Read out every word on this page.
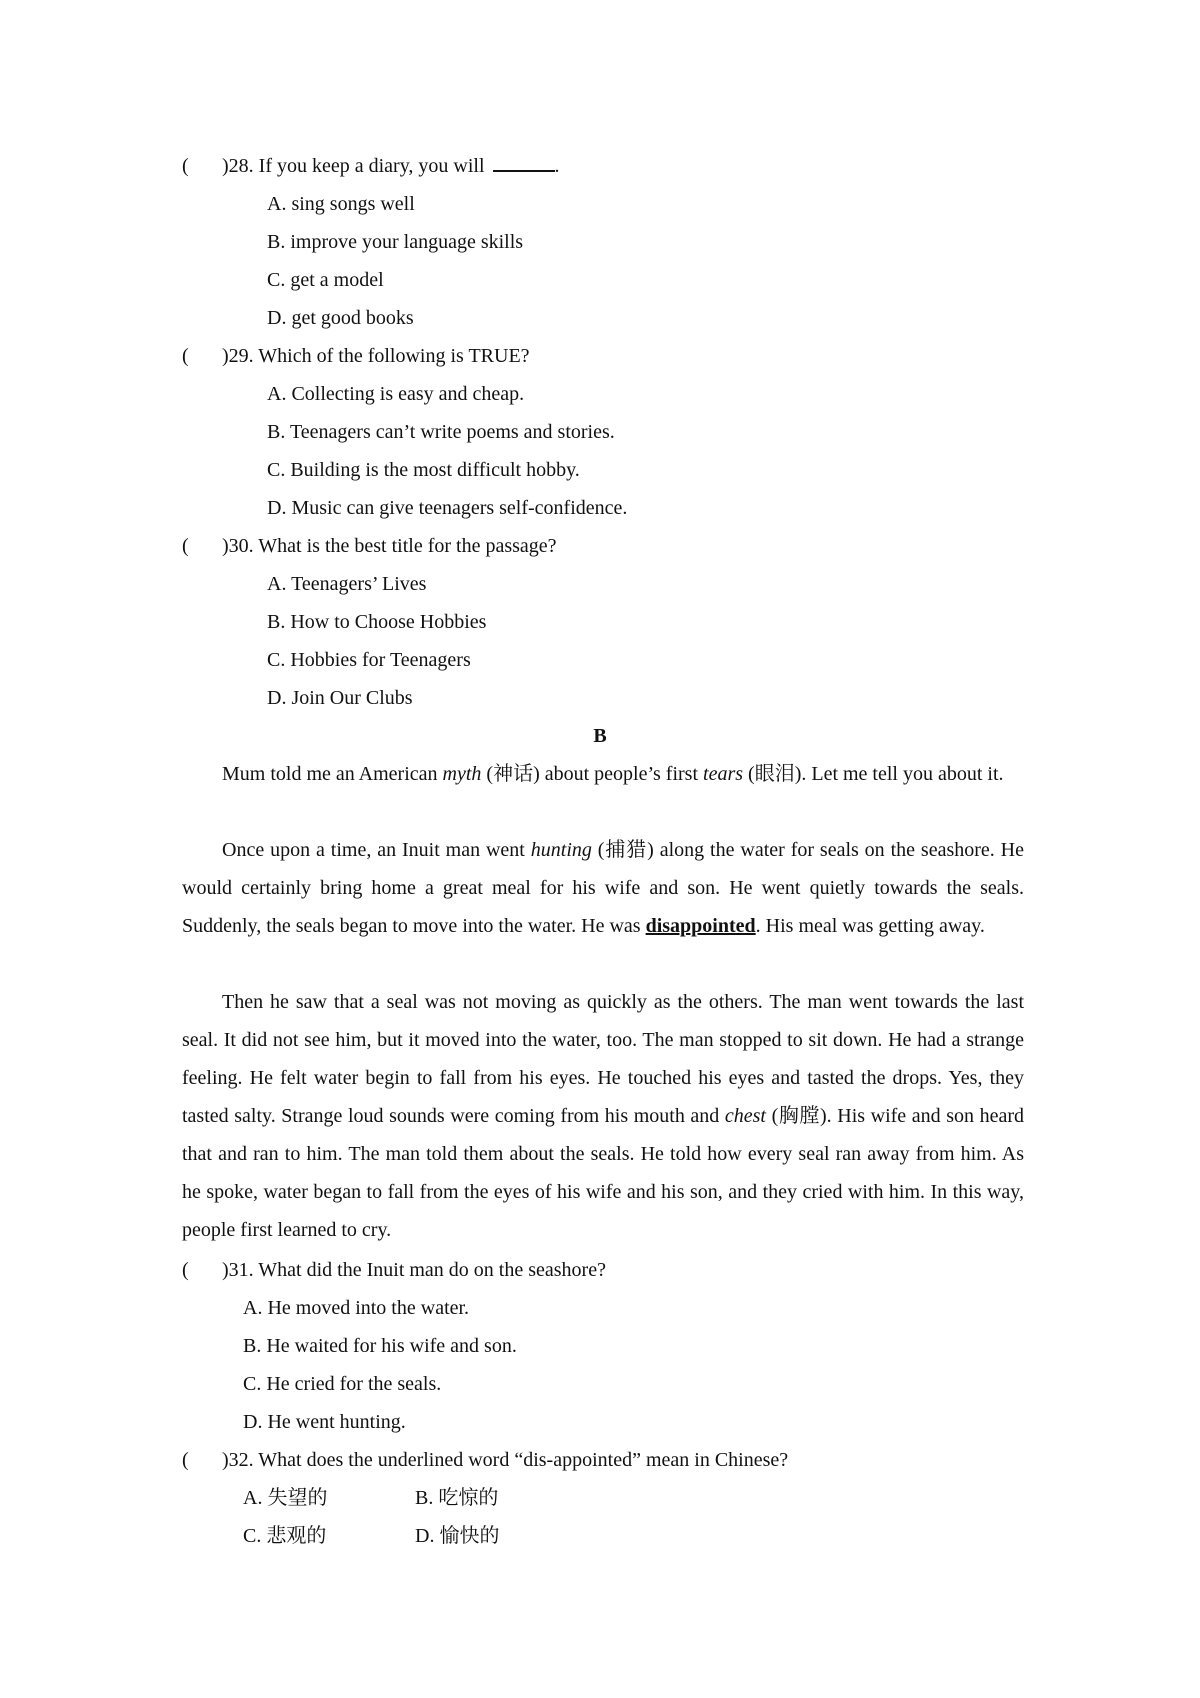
( )28. If you keep a diary, you will	.
A. sing songs well
B. improve your language skills
C. get a model
D. get good books
( )29. Which of the following is TRUE?
A. Collecting is easy and cheap.
B. Teenagers can’t write poems and stories.
C. Building is the most difficult hobby.
D. Music can give teenagers self-confidence.
( )30. What is the best title for the passage?
A. Teenagers’ Lives
B. How to Choose Hobbies
C. Hobbies for Teenagers
D. Join Our Clubs
B
Mum told me an American myth (神话) about people’s first tears (眼泪). Let me tell you about it.
Once upon a time, an Inuit man went hunting (捕猎) along the water for seals on the seashore. He would certainly bring home a great meal for his wife and son. He went quietly towards the seals. Suddenly, the seals began to move into the water. He was disappointed. His meal was getting away.
Then he saw that a seal was not moving as quickly as the others. The man went towards the last seal. It did not see him, but it moved into the water, too. The man stopped to sit down. He had a strange feeling. He felt water begin to fall from his eyes. He touched his eyes and tasted the drops. Yes, they tasted salty. Strange loud sounds were coming from his mouth and chest (胸膛). His wife and son heard that and ran to him. The man told them about the seals. He told how every seal ran away from him. As he spoke, water began to fall from the eyes of his wife and his son, and they cried with him. In this way, people first learned to cry.
( )31. What did the Inuit man do on the seashore?
A. He moved into the water.
B. He waited for his wife and son.
C. He cried for the seals.
D. He went hunting.
( )32. What does the underlined word “dis-appointed” mean in Chinese?
A. 失望的	B. 吃惊的
C. 悲观的	D. 愉快的
